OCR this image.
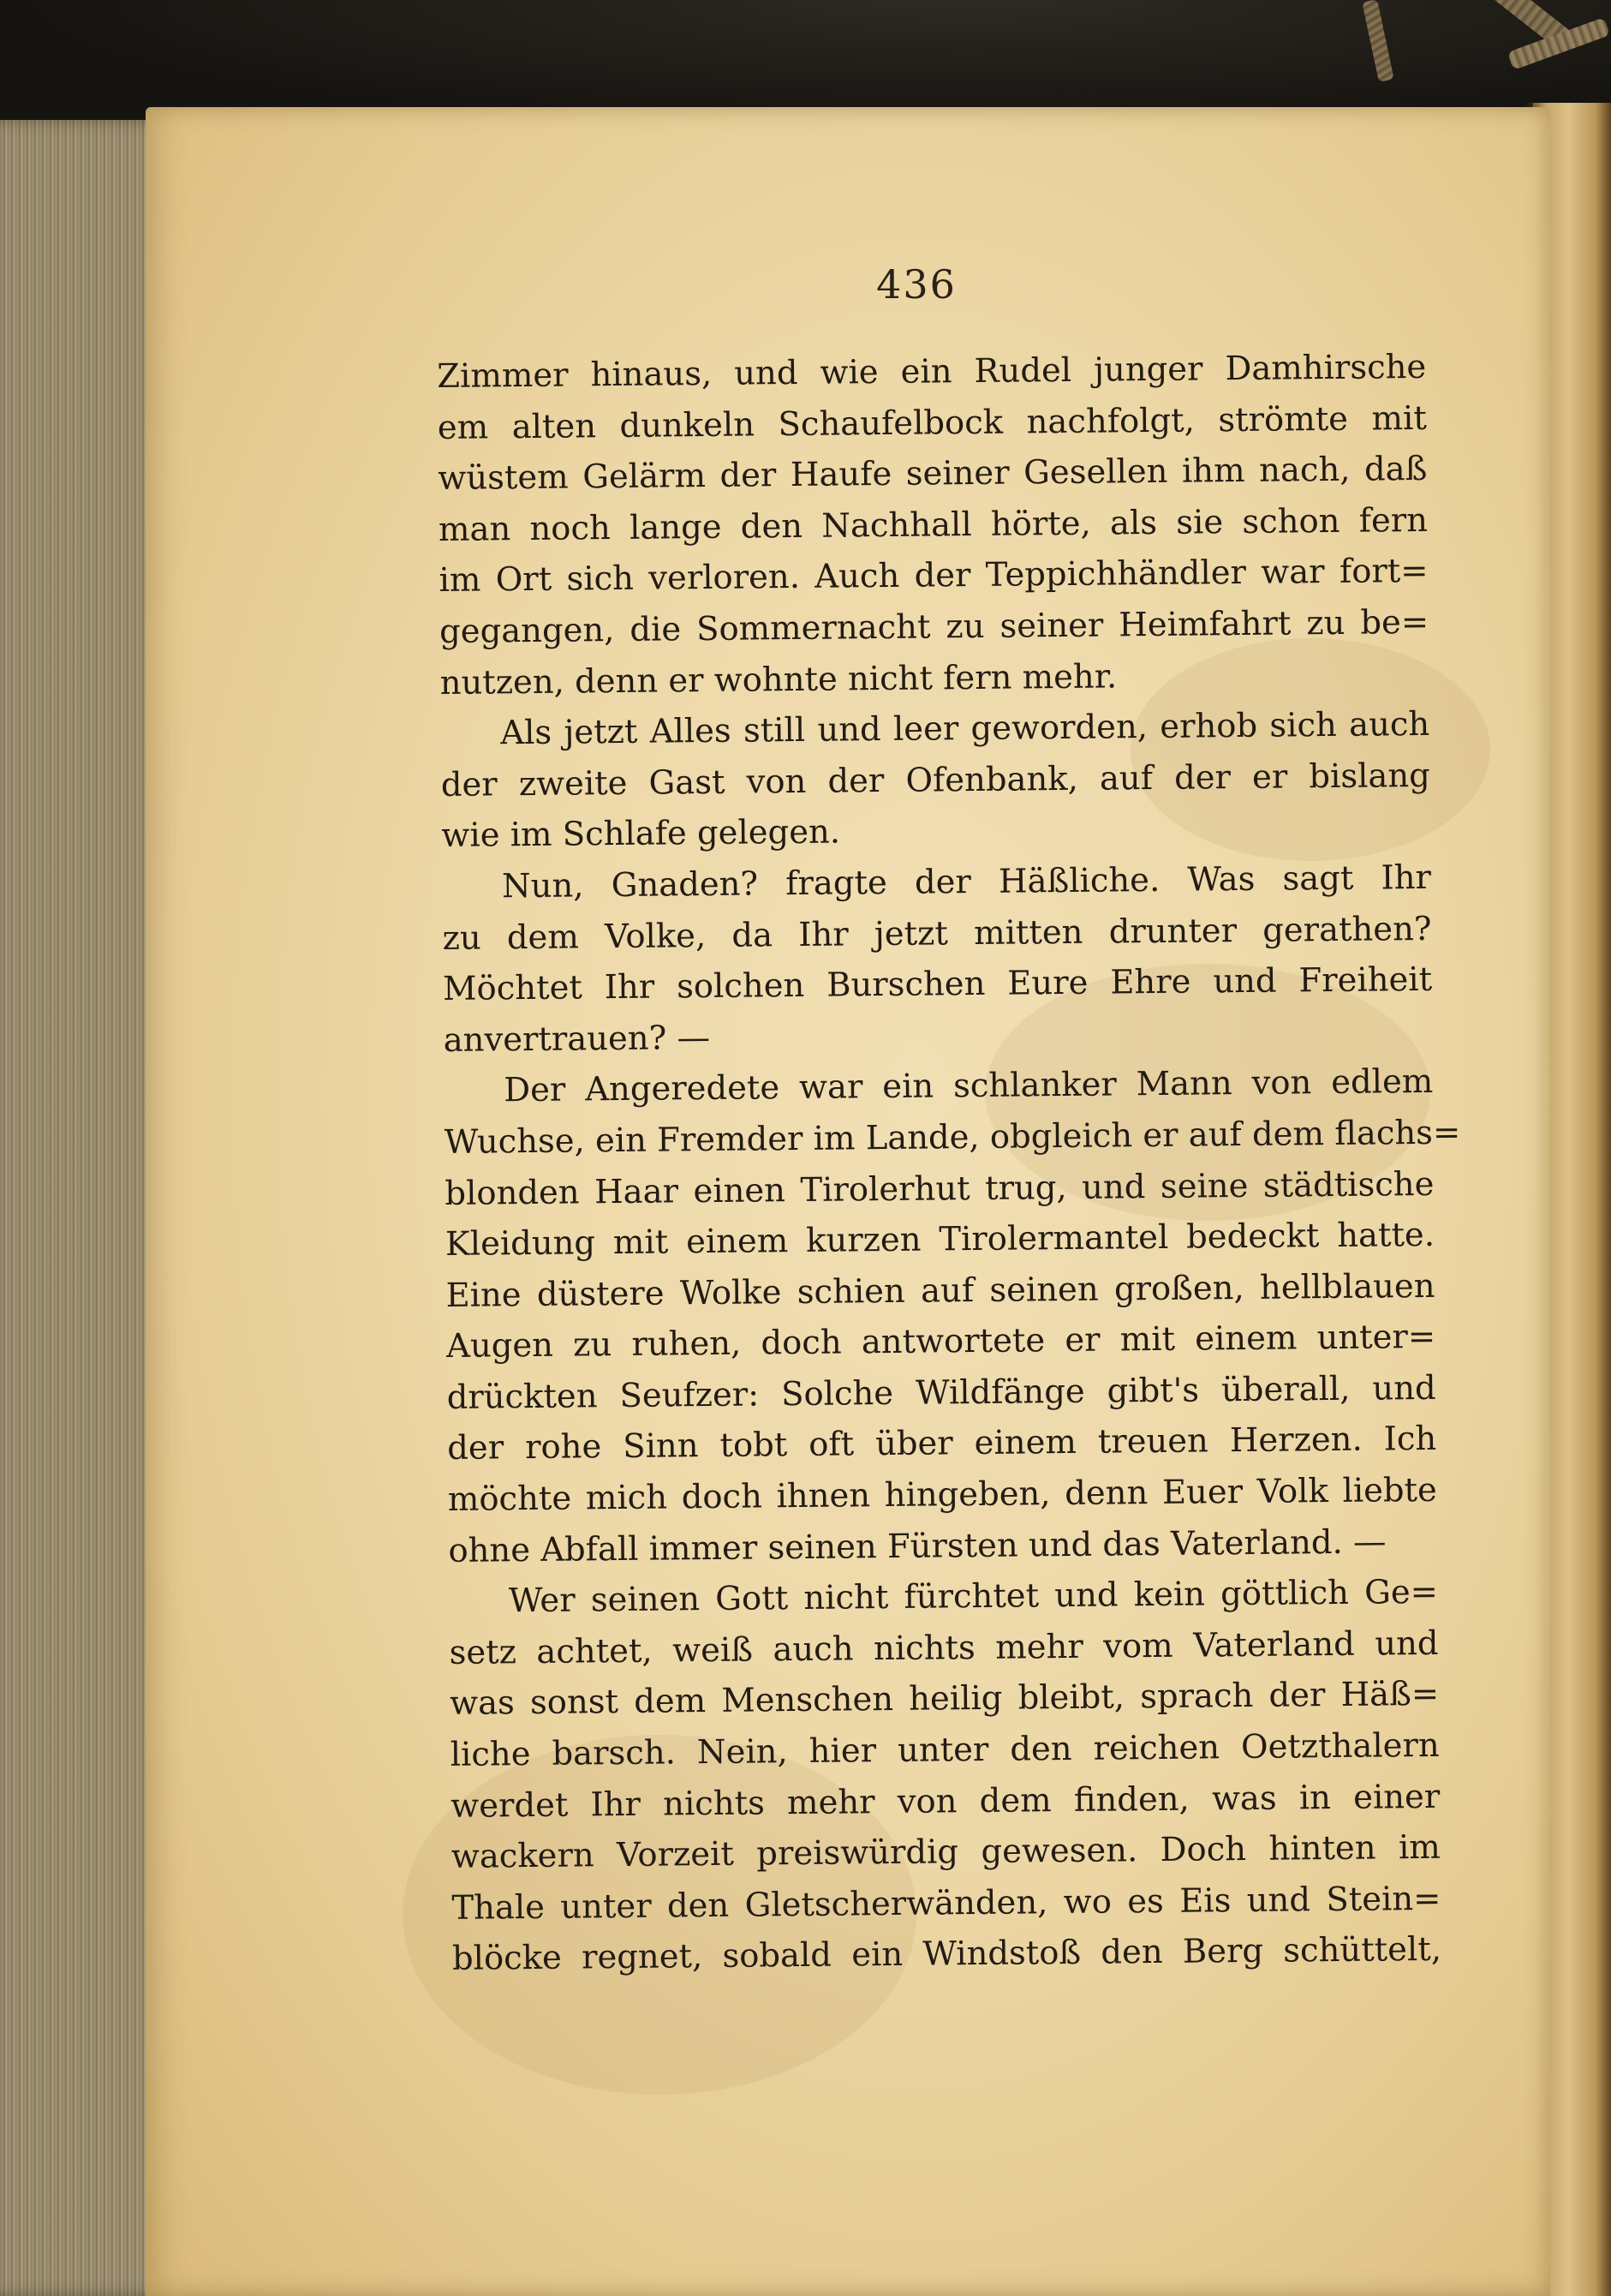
436
Zimmer hinaus, und wie ein Rudel junger Damhirsche
em alten dunkeln Schaufelbock nachfolgt, strömte mit
wüstem Gelärm der Haufe seiner Gesellen ihm nach, daß
man noch lange den Nachhall hörte, als sie schon fern
im Ort sich verloren. Auch der Teppichhändler war fort=
gegangen, die Sommernacht zu seiner Heimfahrt zu be=
nutzen, denn er wohnte nicht fern mehr.
Als jetzt Alles still und leer geworden, erhob sich auch
der zweite Gast von der Ofenbank, auf der er bislang
wie im Schlafe gelegen.
Nun, Gnaden? fragte der Häßliche. Was sagt Ihr
zu dem Volke, da Ihr jetzt mitten drunter gerathen?
Möchtet Ihr solchen Burschen Eure Ehre und Freiheit
anvertrauen? —
Der Angeredete war ein schlanker Mann von edlem
Wuchse, ein Fremder im Lande, obgleich er auf dem flachs=
blonden Haar einen Tirolerhut trug, und seine städtische
Kleidung mit einem kurzen Tirolermantel bedeckt hatte.
Eine düstere Wolke schien auf seinen großen, hellblauen
Augen zu ruhen, doch antwortete er mit einem unter=
drückten Seufzer: Solche Wildfänge gibt's überall, und
der rohe Sinn tobt oft über einem treuen Herzen. Ich
möchte mich doch ihnen hingeben, denn Euer Volk liebte
ohne Abfall immer seinen Fürsten und das Vaterland. —
Wer seinen Gott nicht fürchtet und kein göttlich Ge=
setz achtet, weiß auch nichts mehr vom Vaterland und
was sonst dem Menschen heilig bleibt, sprach der Häß=
liche barsch. Nein, hier unter den reichen Oetzthalern
werdet Ihr nichts mehr von dem finden, was in einer
wackern Vorzeit preiswürdig gewesen. Doch hinten im
Thale unter den Gletscherwänden, wo es Eis und Stein=
blöcke regnet, sobald ein Windstoß den Berg schüttelt,
